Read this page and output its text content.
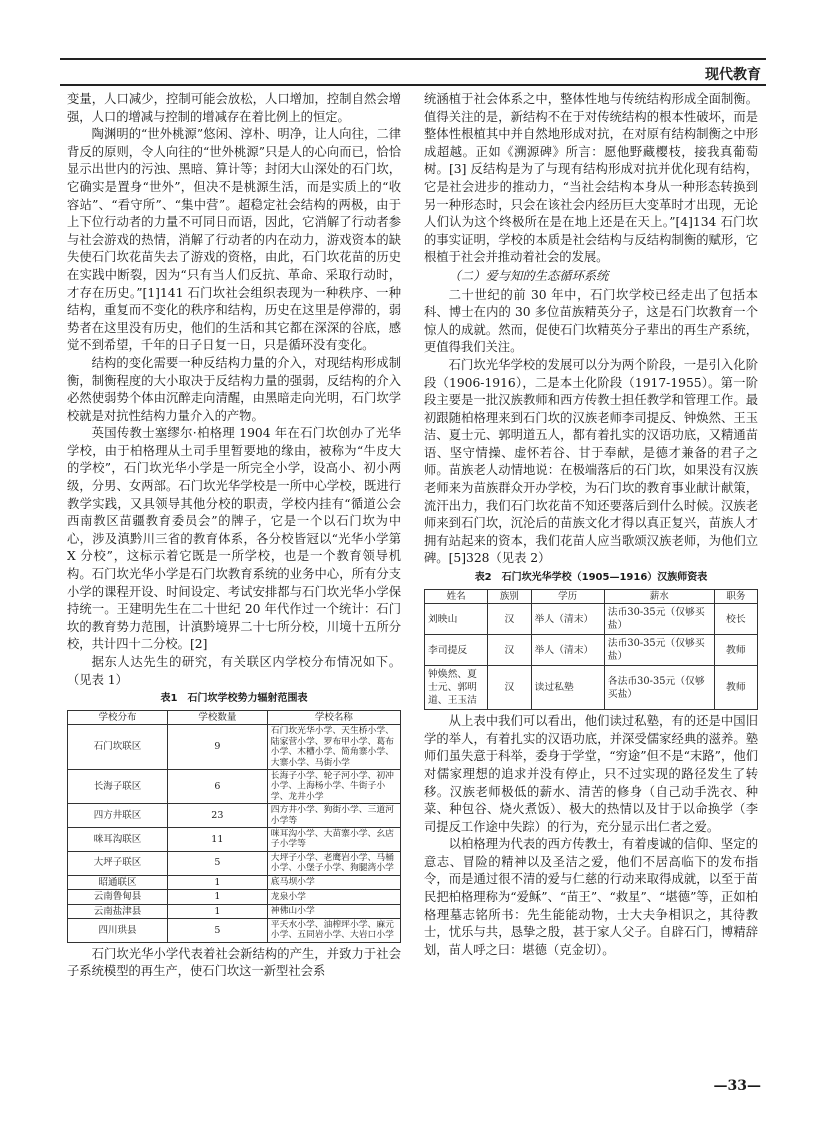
现代教育

变量，人口减少，控制可能会放松，人口增加，控制自然会增强，人口的增减与控制的增减存在着比例上的恒定。

陶渊明的“世外桃源”悠闲、淳朴、明净，让人向往，二律背反的原则，令人向往的“世外桃源”只是人的心向而已，恰恰显示出世内的污浊、黑暗、算计等；封闭大山深处的石门坎，它确实是置身“世外”，但决不是桃源生活，而是实质上的“收容站”、“看守所”、“集中营”。超稳定社会结构的两极，由于上下位行动者的力量不可同日而语，因此，它消解了行动者参与社会游戏的热情，消解了行动者的内在动力，游戏资本的缺失使石门坎花苗失去了游戏的资格，由此，石门坎花苗的历史在实践中断裂，因为“只有当人们反抗、革命、采取行动时，才存在历史。”[1]141 石门坎社会组织表现为一种秩序、一种结构，重复而不变化的秩序和结构，历史在这里是停滞的，弱势者在这里没有历史，他们的生活和其它都在深深的谷底，感觉不到希望，千年的日子日复一日，只是循环没有变化。

结构的变化需要一种反结构力量的介入，对现结构形成制衡，制衡程度的大小取决于反结构力量的强弱，反结构的介入必然使弱势个体由沉醉走向清醒，由黑暗走向光明，石门坎学校就是对抗性结构力量介入的产物。

英国传教士塞缪尔·柏格理 1904 年在石门坎创办了光华学校，由于柏格理从土司手里暂要地的缘由，被称为“牛皮大的学校”，石门坎光华小学是一所完全小学，设高小、初小两级，分男、女两部。石门坎光华学校是一所中心学校，既进行教学实践，又具领导其他分校的职责，学校内挂有“循道公会西南教区苗疆教育委员会”的牌子，它是一个以石门坎为中心，涉及滇黔川三省的教育体系，各分校皆冠以“光华小学第 X 分校”，这标示着它既是一所学校，也是一个教育领导机构。石门坎光华小学是石门坎教育系统的业务中心，所有分支小学的课程开设、时间设定、考试安排都与石门坎光华小学保持统一。王建明先生在二十世纪 20 年代作过一个统计：石门坎的教育势力范围，计滇黔境界二十七所分校，川境十五所分校，共计四十二分校。[2]

据东人达先生的研究，有关联区内学校分布情况如下。（见表 1）

表1　石门坎学校势力辐射范围表
学校分布	学校数量	学校名称
石门坎联区	9	石门坎光华小学、天生桥小学、陆家营小学、罗布甲小学、葛布小学、木槽小学、简角寨小学、大寨小学、马街小学
长海子联区	6	长海子小学、轮子河小学、初冲小学、上海杨小学、牛街子小学、龙井小学
四方井联区	23	四方井小学、狗街小学、三道河小学等
咪耳沟联区	11	咪耳沟小学、大苗寨小学、幺店子小学等
大坪子联区	5	大坪子小学、老鹰岩小学、马桶小学、小堡子小学、狗腿湾小学
昭通联区	1	底马坝小学
云南鲁甸县	1	龙泉小学
云南盐津县	1	神佛山小学
四川珙县	5	平夭水小学、油榨坪小学、麻元小学、五同岩小学、大岩口小学

石门坎光华小学代表着社会新结构的产生，并致力于社会子系统模型的再生产，使石门坎这一新型社会系

统涵植于社会体系之中，整体性地与传统结构形成全面制衡。值得关注的是，新结构不在于对传统结构的根本性破坏，而是整体性根植其中并自然地形成对抗，在对原有结构制衡之中形成超越。正如《溯源碑》所言：愿他野藏樱枝，接我真葡萄树。[3] 反结构是为了与现有结构形成对抗并优化现有结构，它是社会进步的推动力，“当社会结构本身从一种形态转换到另一种形态时，只会在该社会内经历巨大变革时才出现，无论人们认为这个终极所在是在地上还是在天上。”[4]134 石门坎的事实证明，学校的本质是社会结构与反结构制衡的赋形，它根植于社会并推动着社会的发展。

（二）爱与知的生态循环系统

二十世纪的前 30 年中，石门坎学校已经走出了包括本科、博士在内的 30 多位苗族精英分子，这是石门坎教育一个惊人的成就。然而，促使石门坎精英分子辈出的再生产系统，更值得我们关注。

石门坎光华学校的发展可以分为两个阶段，一是引入化阶段（1906-1916），二是本土化阶段（1917-1955）。第一阶段主要是一批汉族教师和西方传教士担任教学和管理工作。最初跟随柏格理来到石门坎的汉族老师李司提反、钟焕然、王玉洁、夏士元、郭明道五人，都有着扎实的汉语功底，又精通苗语、坚守情操、虚怀若谷、甘于奉献，是德才兼备的君子之师。苗族老人动情地说：在极端落后的石门坎，如果没有汉族老师来为苗族群众开办学校，为石门坎的教育事业献计献策，流汗出力，我们石门坎花苗不知还要落后到什么时候。汉族老师来到石门坎，沉沦后的苗族文化才得以真正复兴，苗族人才拥有站起来的资本，我们花苗人应当歌颂汉族老师，为他们立碑。[5]328（见表 2）

表2　石门坎光华学校（1905—1916）汉族师资表
姓名	族别	学历	薪水	职务
刘映山	汉	举人（清末）	法币30-35元（仅够买盐）	校长
李司提反	汉	举人（清末）	法币30-35元（仅够买盐）	教师
钟焕然、夏士元、郭明道、王玉洁	汉	读过私塾	各法币30-35元（仅够买盐）	教师

从上表中我们可以看出，他们读过私塾，有的还是中国旧学的举人，有着扎实的汉语功底，并深受儒家经典的滋养。塾师们虽失意于科举，委身于学堂，“穷途”但不是“末路”，他们对儒家理想的追求并没有停止，只不过实现的路径发生了转移。汉族老师极低的薪水、清苦的修身（自己动手洗衣、种菜、种包谷、烧火煮饭）、极大的热情以及甘于以命换学（李司提反工作途中失踪）的行为，充分显示出仁者之爱。

以柏格理为代表的西方传教士，有着虔诚的信仰、坚定的意志、冒险的精神以及圣洁之爱，他们不居高临下的发布指令，而是通过很不清的爱与仁慈的行动来取得成就，以至于苗民把柏格理称为“爱稣”、“苗王”、“救星”、“堪德”等，正如柏格理墓志铭所书：先生能能动物，士大夫争相识之，其待教士，忧乐与共，恳挚之殷，甚于家人父子。自辟石门，博精辞划，苗人呼之曰：堪德（克金切）。

—33—
